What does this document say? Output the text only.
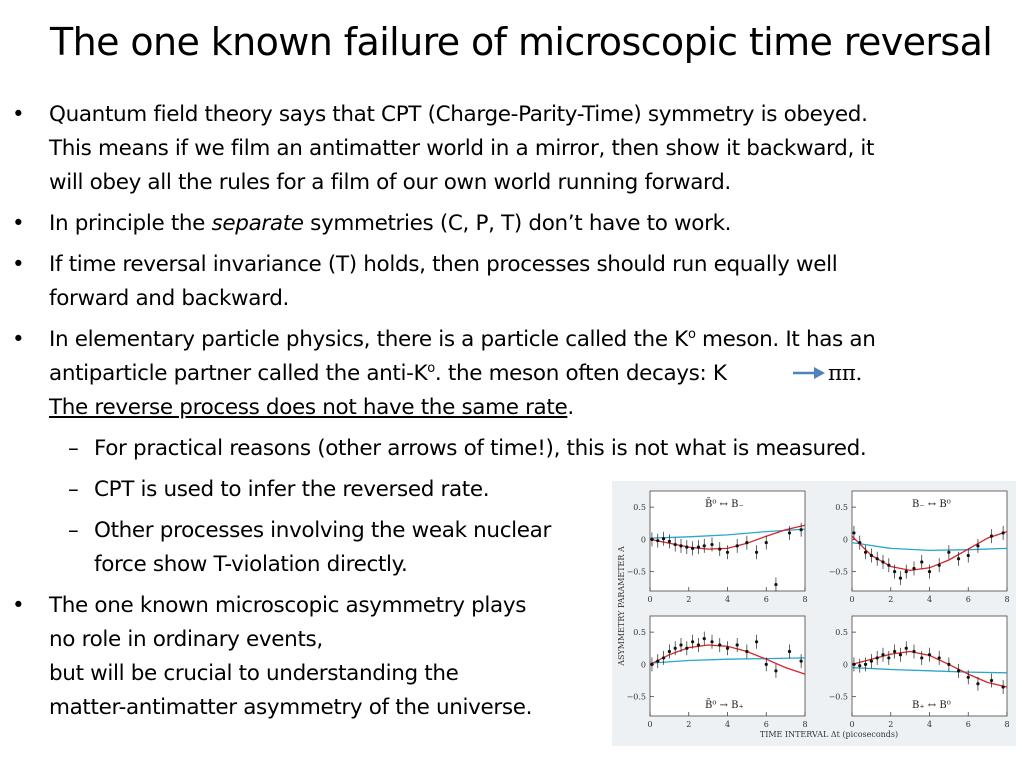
The one known failure of microscopic time reversal
• Quantum field theory says that CPT (Charge-Parity-Time) symmetry is obeyed.
This means if we film an antimatter world in a mirror, then show it backward, it
will obey all the rules for a film of our own world running forward.
• In principle the separate symmetries (C, P, T) don’t have to work.
• If time reversal invariance (T) holds, then processes should run equally well
forward and backward.
• In elementary particle physics, there is a particle called the $K^o$ meson. It has an
antiparticle partner called the anti-$K^o$. the meson often decays: K	ππ.
The reverse process does not have the same rate.
– For practical reasons (other arrows of time!), this is not what is measured.
– CPT is used to infer the reversed rate.
– Other processes involving the weak nuclear
force show T-violation directly.
• The one known microscopic asymmetry plays
no role in ordinary events,
but will be crucial to understanding the
matter-antimatter asymmetry of the universe.
0.5
0
−0.5
0	2	4	6	8
B̄⁰ ↔ B₋	0.5
0
−0.5
0	2	4	6	8
B₋ ↔ B⁰
0.5
0
−0.5
0	2	4	6	8
B̄⁰ → B₊
0.5
0
−0.5
0	2	4	6	8
B₊ ↔ B⁰
ASYMMETRY PARAMETER A
TIME INTERVAL Δt (picoseconds)
